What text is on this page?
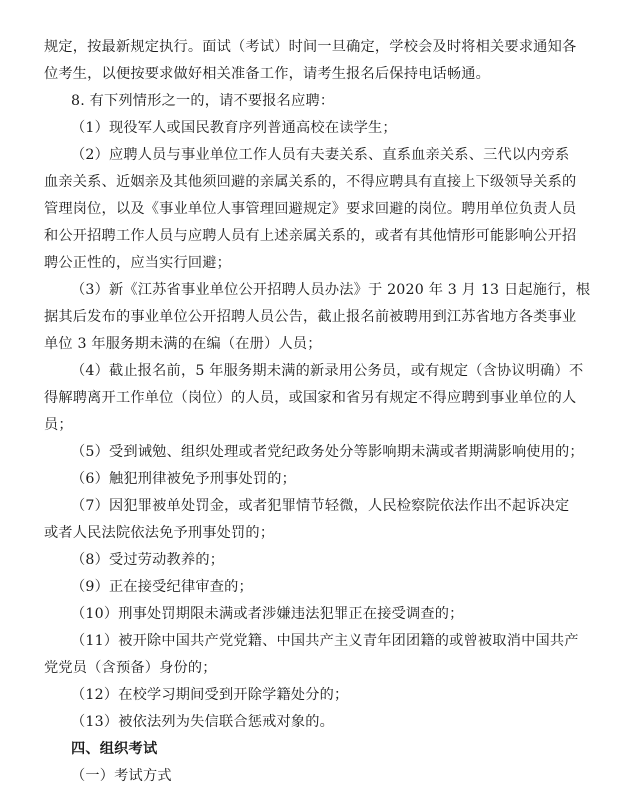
规定，按最新规定执行。面试（考试）时间一旦确定，学校会及时将相关要求通知各
位考生，以便按要求做好相关准备工作，请考生报名后保持电话畅通。
8. 有下列情形之一的，请不要报名应聘：
（1）现役军人或国民教育序列普通高校在读学生；
（2）应聘人员与事业单位工作人员有夫妻关系、直系血亲关系、三代以内旁系
血亲关系、近姻亲及其他须回避的亲属关系的，不得应聘具有直接上下级领导关系的
管理岗位，以及《事业单位人事管理回避规定》要求回避的岗位。聘用单位负责人员
和公开招聘工作人员与应聘人员有上述亲属关系的，或者有其他情形可能影响公开招
聘公正性的，应当实行回避；
（3）新《江苏省事业单位公开招聘人员办法》于 2020 年 3 月 13 日起施行，根
据其后发布的事业单位公开招聘人员公告，截止报名前被聘用到江苏省地方各类事业
单位 3 年服务期未满的在编（在册）人员；
（4）截止报名前，5 年服务期未满的新录用公务员，或有规定（含协议明确）不
得解聘离开工作单位（岗位）的人员，或国家和省另有规定不得应聘到事业单位的人
员；
（5）受到诫勉、组织处理或者党纪政务处分等影响期未满或者期满影响使用的；
（6）触犯刑律被免予刑事处罚的；
（7）因犯罪被单处罚金，或者犯罪情节轻微，人民检察院依法作出不起诉决定
或者人民法院依法免予刑事处罚的；
（8）受过劳动教养的；
（9）正在接受纪律审查的；
（10）刑事处罚期限未满或者涉嫌违法犯罪正在接受调查的；
（11）被开除中国共产党党籍、中国共产主义青年团团籍的或曾被取消中国共产
党党员（含预备）身份的；
（12）在校学习期间受到开除学籍处分的；
（13）被依法列为失信联合惩戒对象的。
四、组织考试
（一）考试方式
